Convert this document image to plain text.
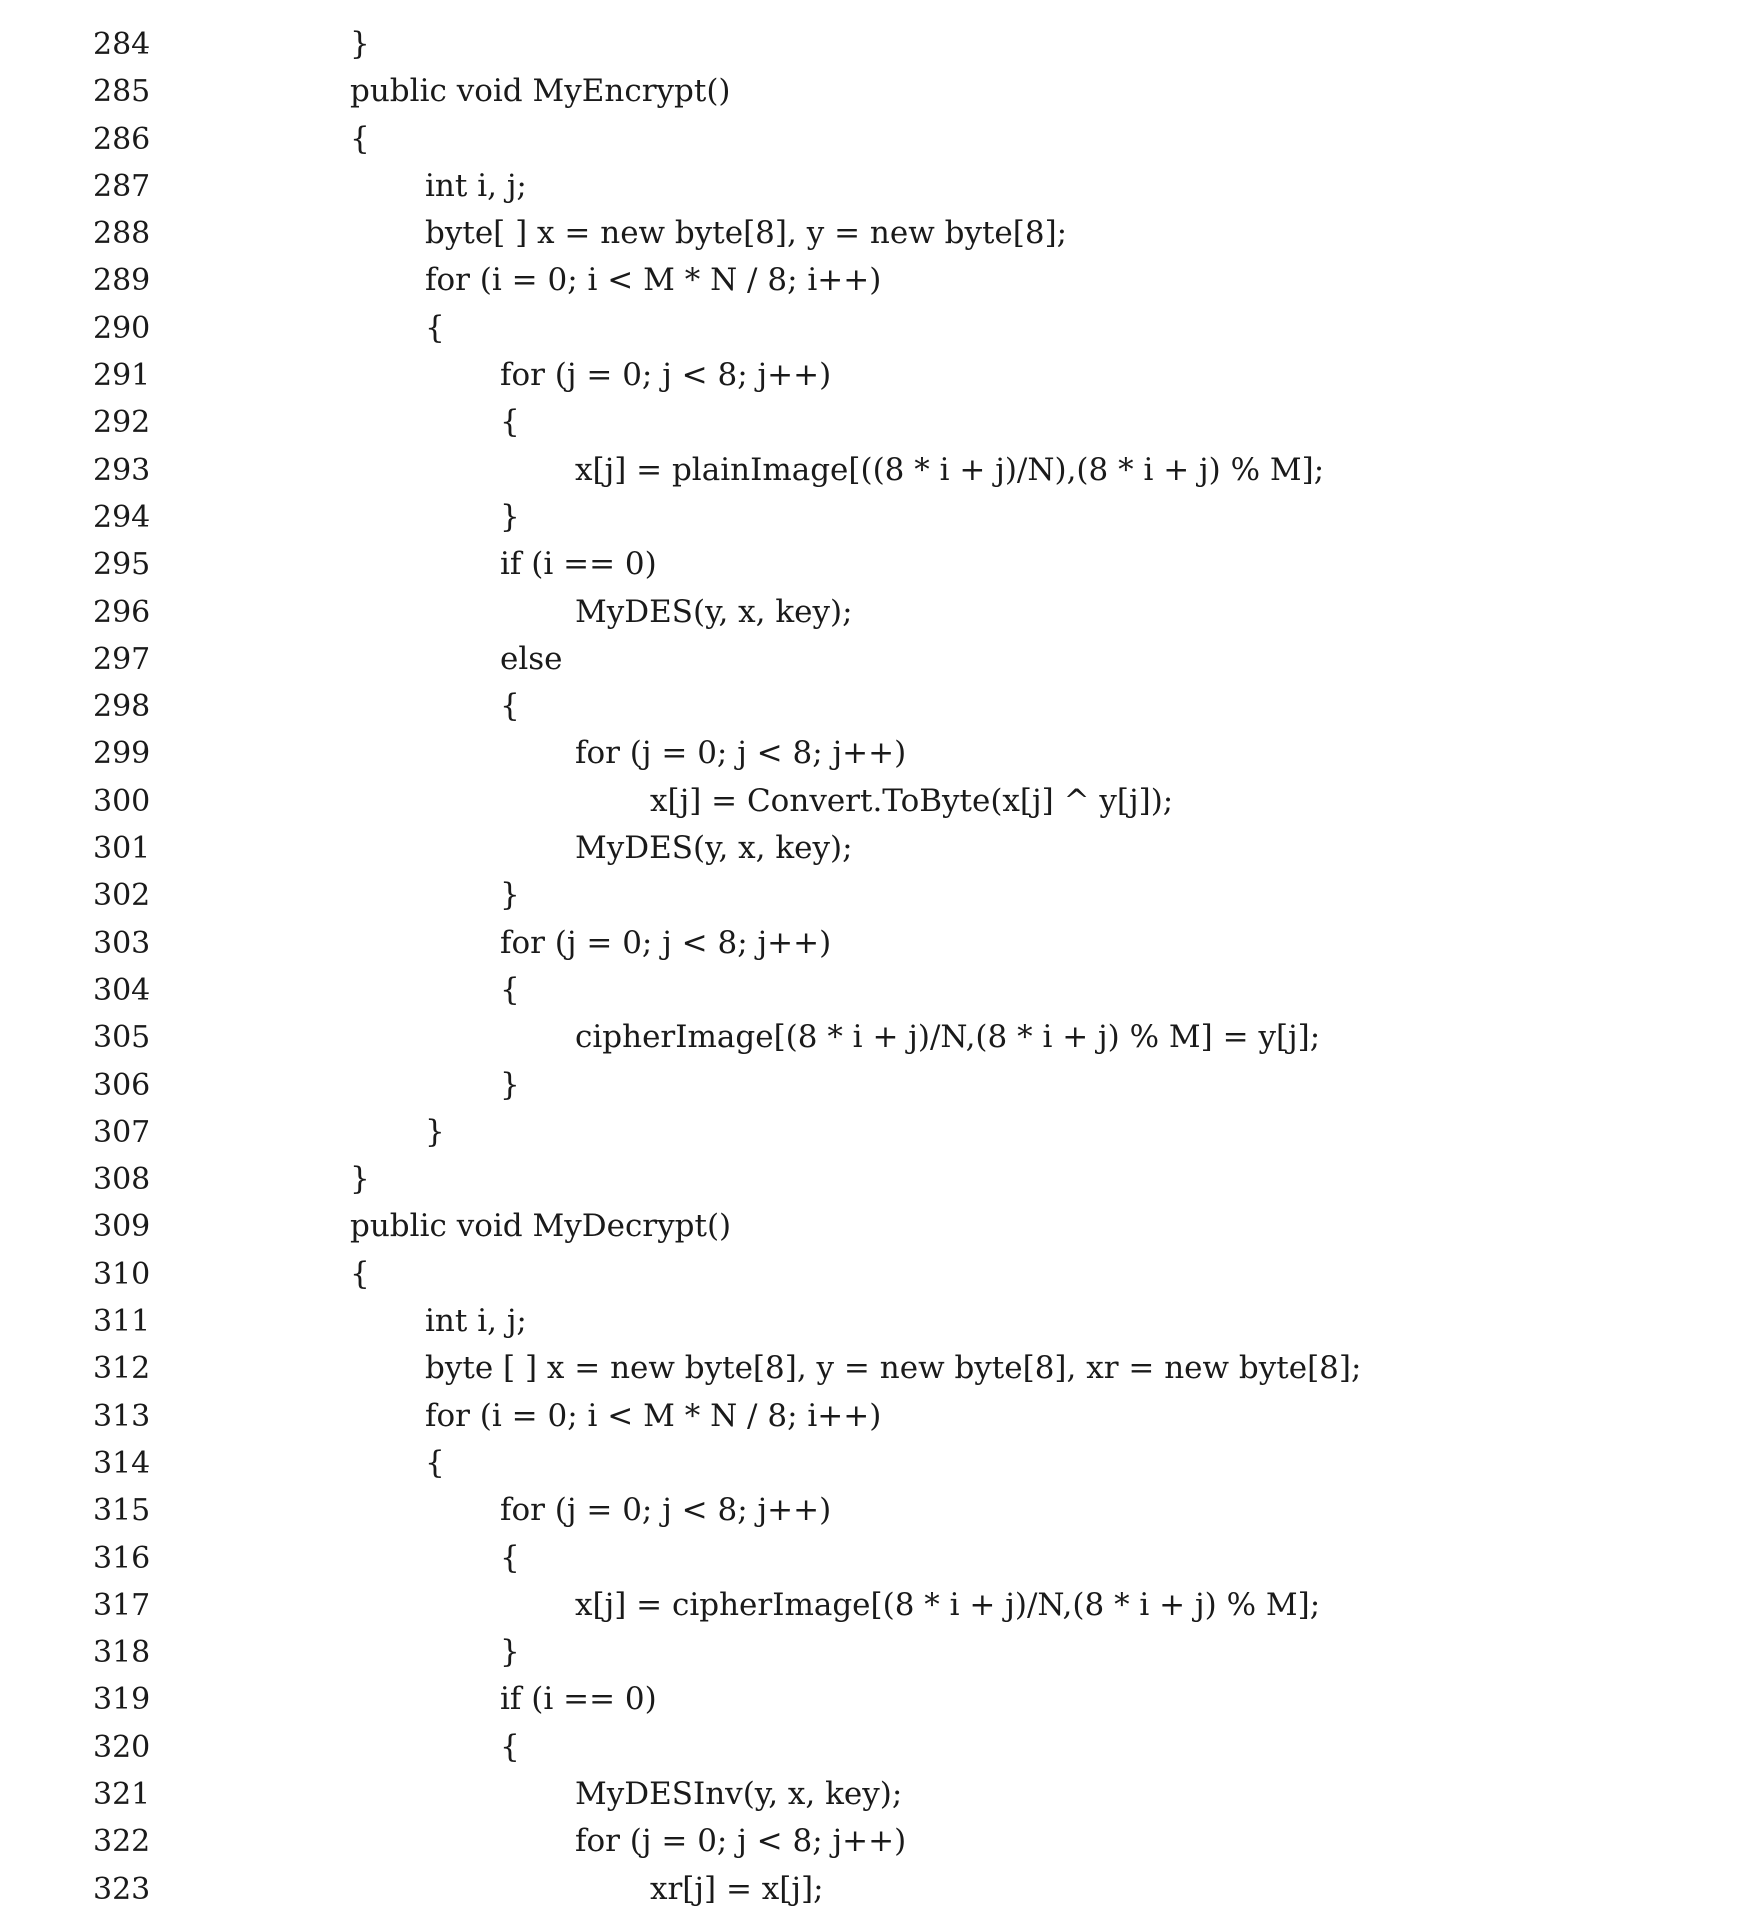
284	}
285	public void MyEncrypt()
286	{
287	int i, j;
288	byte[ ] x = new byte[8], y = new byte[8];
289	for (i = 0; i < M * N / 8; i++)
290	{
291	for (j = 0; j < 8; j++)
292	{
293	x[j] = plainImage[((8 * i + j)/N),(8 * i + j) % M];
294	}
295	if (i == 0)
296	MyDES(y, x, key);
297	else
298	{
299	for (j = 0; j < 8; j++)
300	x[j] = Convert.ToByte(x[j] ^ y[j]);
301	MyDES(y, x, key);
302	}
303	for (j = 0; j < 8; j++)
304	{
305	cipherImage[(8 * i + j)/N,(8 * i + j) % M] = y[j];
306	}
307	}
308	}
309	public void MyDecrypt()
310	{
311	int i, j;
312	byte [ ] x = new byte[8], y = new byte[8], xr = new byte[8];
313	for (i = 0; i < M * N / 8; i++)
314	{
315	for (j = 0; j < 8; j++)
316	{
317	x[j] = cipherImage[(8 * i + j)/N,(8 * i + j) % M];
318	}
319	if (i == 0)
320	{
321	MyDESInv(y, x, key);
322	for (j = 0; j < 8; j++)
323	xr[j] = x[j];
